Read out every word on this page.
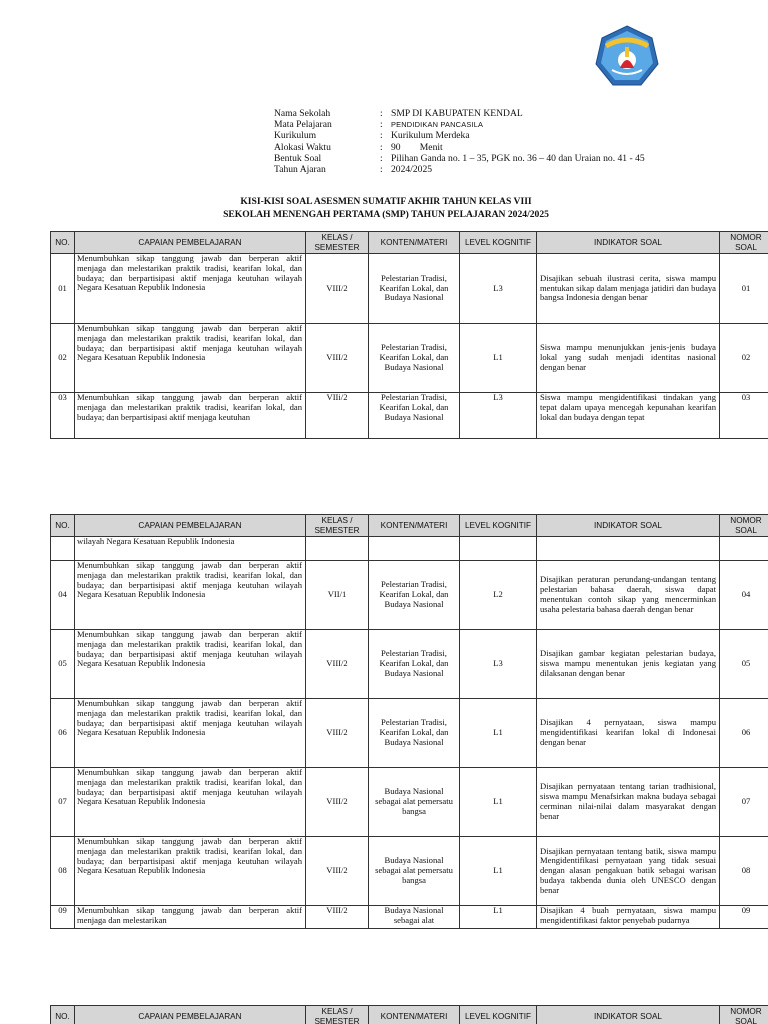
Nama Sekolah	: SMP DI KABUPATEN KENDAL
Mata Pelajaran	:	PENDIDIKAN PANCASILA
Kurikulum	: Kurikulum Merdeka
Alokasi Waktu	: 90        Menit
Bentuk Soal	: Pilihan Ganda no. 1 – 35, PGK no. 36 – 40 dan Uraian no. 41 - 45
Tahun Ajaran	: 2024/2025
KISI-KISI SOAL ASESMEN SUMATIF AKHIR TAHUN KELAS VIII
SEKOLAH MENENGAH PERTAMA (SMP) TAHUN PELAJARAN 2024/2025
NO.	CAPAIAN PEMBELAJARAN	KELAS / SEMESTER	KONTEN/MATERI	LEVEL KOGNITIF	INDIKATOR SOAL	NOMOR SOAL
01	Menumbuhkan sikap tanggung jawab dan berperan aktif menjaga dan melestarikan praktik tradisi, kearifan lokal, dan budaya; dan berpartisipasi aktif menjaga keutuhan wilayah Negara Kesatuan Republik Indonesia	VIII/2	Pelestarian Tradisi, Kearifan Lokal, dan Budaya Nasional	L3	Disajikan sebuah ilustrasi cerita, siswa mampu mentukan sikap dalam menjaga jatidiri dan budaya bangsa Indonesia dengan benar	01
02	Menumbuhkan sikap tanggung jawab dan berperan aktif menjaga dan melestarikan praktik tradisi, kearifan lokal, dan budaya; dan berpartisipasi aktif menjaga keutuhan wilayah Negara Kesatuan Republik Indonesia	VIII/2	Pelestarian Tradisi, Kearifan Lokal, dan Budaya Nasional	L1	Siswa mampu menunjukkan jenis-jenis budaya lokal yang sudah menjadi identitas nasional dengan benar	02
03	Menumbuhkan sikap tanggung jawab dan berperan aktif menjaga dan melestarikan praktik tradisi, kearifan lokal, dan budaya; dan berpartisipasi aktif menjaga keutuhan	VIIi/2	Pelestarian Tradisi, Kearifan Lokal, dan Budaya Nasional	L3	Siswa mampu mengidentifikasi tindakan yang tepat dalam upaya mencegah kepunahan kearifan lokal dan budaya dengan tepat	03
NO.	CAPAIAN PEMBELAJARAN	KELAS / SEMESTER	KONTEN/MATERI	LEVEL KOGNITIF	INDIKATOR SOAL	NOMOR SOAL
	wilayah Negara Kesatuan Republik Indonesia					
04	Menumbuhkan sikap tanggung jawab dan berperan aktif menjaga dan melestarikan praktik tradisi, kearifan lokal, dan budaya; dan berpartisipasi aktif menjaga keutuhan wilayah Negara Kesatuan Republik Indonesia	VII/1	Pelestarian Tradisi, Kearifan Lokal, dan Budaya Nasional	L2	Disajikan peraturan perundang-undangan tentang pelestarian bahasa daerah, siswa dapat menentukan contoh sikap yang mencerminkan usaha pelestaria bahasa daerah dengan benar	04
05	Menumbuhkan sikap tanggung jawab dan berperan aktif menjaga dan melestarikan praktik tradisi, kearifan lokal, dan budaya; dan berpartisipasi aktif menjaga keutuhan wilayah Negara Kesatuan Republik Indonesia	VIII/2	Pelestarian Tradisi, Kearifan Lokal, dan Budaya Nasional	L3	Disajikan gambar kegiatan pelestarian budaya, siswa mampu menentukan jenis kegiatan yang dilaksanan dengan benar	05
06	Menumbuhkan sikap tanggung jawab dan berperan aktif menjaga dan melestarikan praktik tradisi, kearifan lokal, dan budaya; dan berpartisipasi aktif menjaga keutuhan wilayah Negara Kesatuan Republik Indonesia	VIII/2	Pelestarian Tradisi, Kearifan Lokal, dan Budaya Nasional	L1	Disajikan 4 pernyataan, siswa mampu mengidentifikasi kearifan lokal di Indonesai dengan benar	06
07	Menumbuhkan sikap tanggung jawab dan berperan aktif menjaga dan melestarikan praktik tradisi, kearifan lokal, dan budaya; dan berpartisipasi aktif menjaga keutuhan wilayah Negara Kesatuan Republik Indonesia	VIII/2	Budaya Nasional sebagai alat pemersatu bangsa	L1	Disajikan pernyataan tentang tarian tradhisional, siswa mampu Menafsirkan makna budaya sebagai cerminan nilai-nilai dalam masyarakat dengan benar	07
08	Menumbuhkan sikap tanggung jawab dan berperan aktif menjaga dan melestarikan praktik tradisi, kearifan lokal, dan budaya; dan berpartisipasi aktif menjaga keutuhan wilayah Negara Kesatuan Republik Indonesia	VIII/2	Budaya Nasional sebagai alat pemersatu bangsa	L1	Disajikan pernyataan tentang batik, siswa mampu Mengidentifikasi pernyataan yang tidak sesuai dengan alasan pengakuan batik sebagai warisan budaya takbenda dunia oleh UNESCO dengan benar	08
09	Menumbuhkan sikap tanggung jawab dan berperan aktif menjaga dan melestarikan	VIII/2	Budaya Nasional sebagai alat	L1	Disajikan 4 buah pernyataan, siswa mampu mengidentifikasi faktor penyebab pudarnya	09
NO.	CAPAIAN PEMBELAJARAN	KELAS / SEMESTER	KONTEN/MATERI	LEVEL KOGNITIF	INDIKATOR SOAL	NOMOR SOAL
